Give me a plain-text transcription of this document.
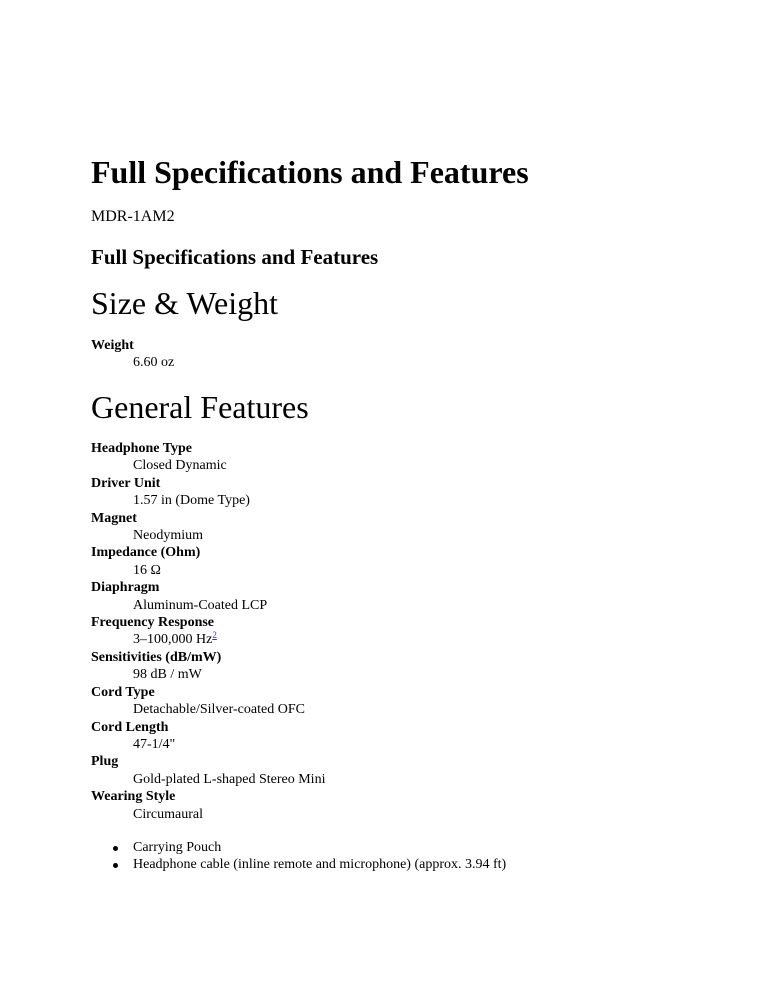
Full Specifications and Features
MDR-1AM2
Full Specifications and Features
Size & Weight
Weight
6.60 oz
General Features
Headphone Type
Closed Dynamic
Driver Unit
1.57 in (Dome Type)
Magnet
Neodymium
Impedance (Ohm)
16 Ω
Diaphragm
Aluminum-Coated LCP
Frequency Response
3–100,000 Hz$^2$
Sensitivities (dB/mW)
98 dB / mW
Cord Type
Detachable/Silver-coated OFC
Cord Length
47-1/4"
Plug
Gold-plated L-shaped Stereo Mini
Wearing Style
Circumaural
Carrying Pouch
Headphone cable (inline remote and microphone) (approx. 3.94 ft)
